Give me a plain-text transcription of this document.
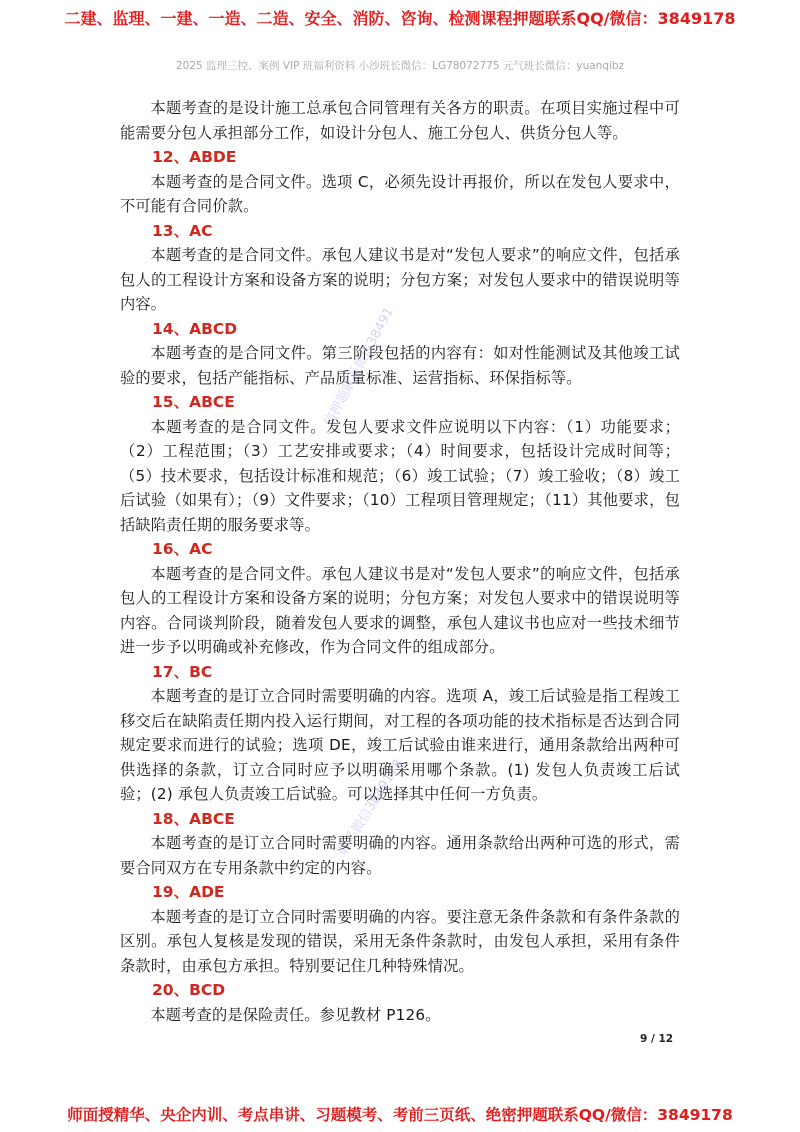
二建、监理、一建、一造、二造、安全、消防、咨询、检测课程押题联系QQ/微信：3849178
2025 监理三控、案例 VIP 班福利资料 小沙班长微信：LG78072775 元气班长微信：yuanqibz

本题考查的是设计施工总承包合同管理有关各方的职责。在项目实施过程中可能需要分包人承担部分工作，如设计分包人、施工分包人、供货分包人等。

12、ABDE

本题考查的是合同文件。选项 C，必须先设计再报价，所以在发包人要求中，不可能有合同价款。

13、AC

本题考查的是合同文件。承包人建议书是对“发包人要求”的响应文件，包括承包人的工程设计方案和设备方案的说明；分包方案；对发包人要求中的错误说明等内容。

14、ABCD

本题考查的是合同文件。第三阶段包括的内容有：如对性能测试及其他竣工试验的要求，包括产能指标、产品质量标准、运营指标、环保指标等。

15、ABCE

本题考查的是合同文件。发包人要求文件应说明以下内容：（1）功能要求；（2）工程范围；（3）工艺安排或要求；（4）时间要求，包括设计完成时间等；（5）技术要求，包括设计标准和规范；（6）竣工试验；（7）竣工验收；（8）竣工后试验（如果有）；（9）文件要求；（10）工程项目管理规定；（11）其他要求，包括缺陷责任期的服务要求等。

16、AC

本题考查的是合同文件。承包人建议书是对“发包人要求”的响应文件，包括承包人的工程设计方案和设备方案的说明；分包方案；对发包人要求中的错误说明等内容。合同谈判阶段，随着发包人要求的调整，承包人建议书也应对一些技术细节进一步予以明确或补充修改，作为合同文件的组成部分。

17、BC

本题考查的是订立合同时需要明确的内容。选项 A，竣工后试验是指工程竣工移交后在缺陷责任期内投入运行期间，对工程的各项功能的技术指标是否达到合同规定要求而进行的试验；选项 DE，竣工后试验由谁来进行，通用条款给出两种可供选择的条款，订立合同时应予以明确采用哪个条款。(1) 发包人负责竣工后试验；(2) 承包人负责竣工后试验。可以选择其中任何一方负责。

18、ABCE

本题考查的是订立合同时需要明确的内容。通用条款给出两种可选的形式，需要合同双方在专用条款中约定的内容。

19、ADE

本题考查的是订立合同时需要明确的内容。要注意无条件条款和有条件条款的区别。承包人复核是发现的错误，采用无条件条款时，由发包人承担，采用有条件条款时，由承包方承担。特别要记住几种特殊情况。

20、BCD

本题考查的是保险责任。参见教材 P126。

信押题联系微信38491
联系微信3849178
9 / 12
师面授精华、央企内训、考点串讲、习题模考、考前三页纸、绝密押题联系QQ/微信：3849178
